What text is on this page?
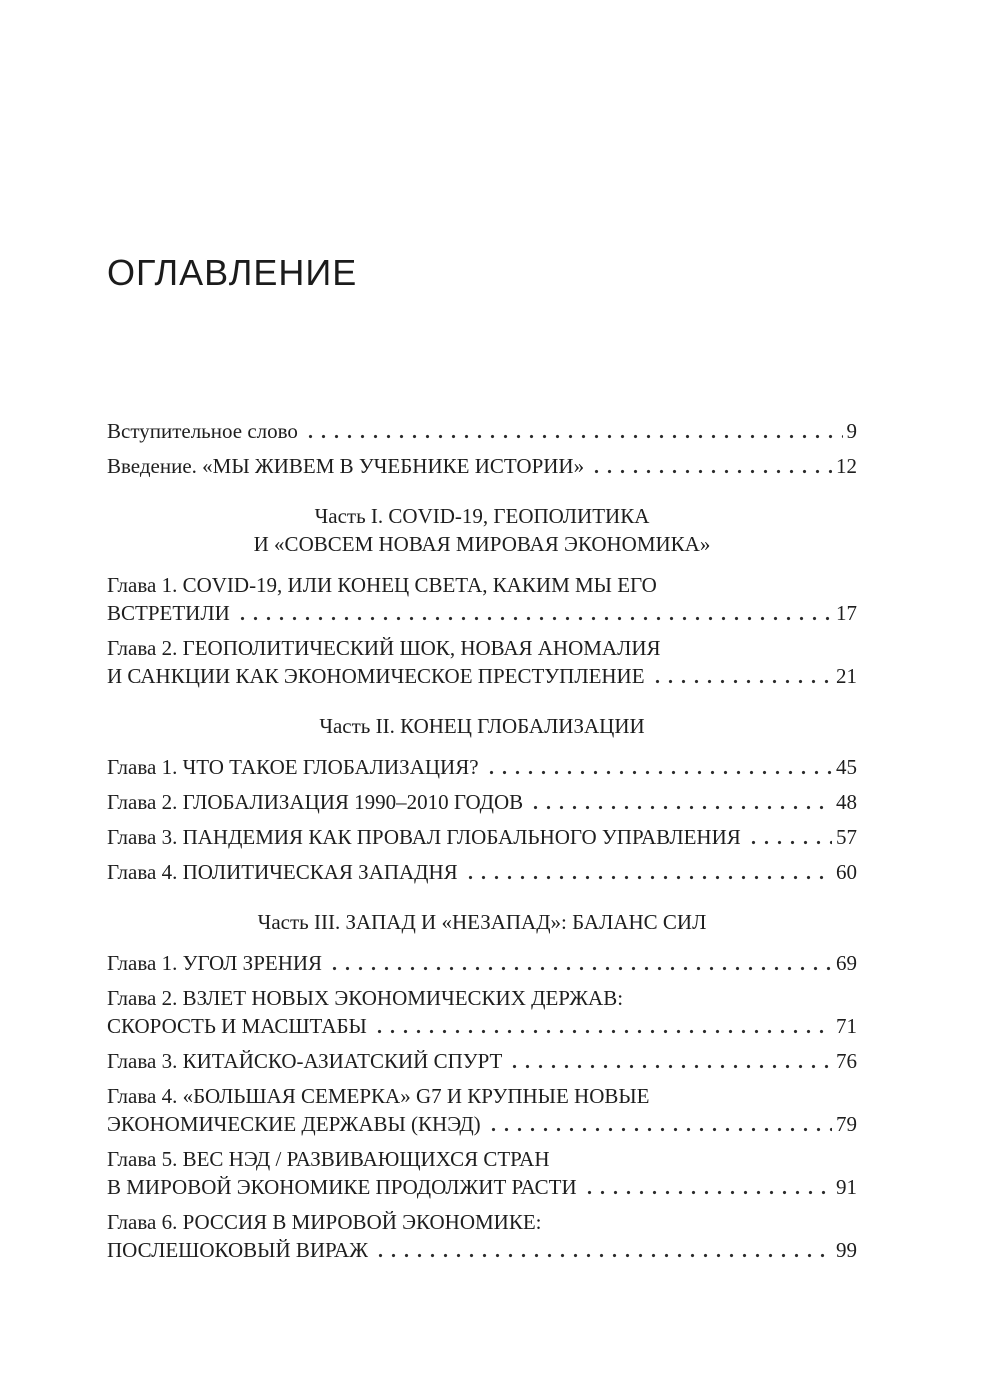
ОГЛАВЛЕНИЕ
Вступительное слово	9
Введение. «МЫ ЖИВЕМ В УЧЕБНИКЕ ИСТОРИИ»	12
Часть I. COVID-19, ГЕОПОЛИТИКА
И «СОВСЕМ НОВАЯ МИРОВАЯ ЭКОНОМИКА»
Глава 1. COVID-19, ИЛИ КОНЕЦ СВЕТА, КАКИМ МЫ ЕГО
ВСТРЕТИЛИ	17
Глава 2. ГЕОПОЛИТИЧЕСКИЙ ШОК, НОВАЯ АНОМАЛИЯ
И САНКЦИИ КАК ЭКОНОМИЧЕСКОЕ ПРЕСТУПЛЕНИЕ	21
Часть II. КОНЕЦ ГЛОБАЛИЗАЦИИ
Глава 1. ЧТО ТАКОЕ ГЛОБАЛИЗАЦИЯ?	45
Глава 2. ГЛОБАЛИЗАЦИЯ 1990–2010 ГОДОВ	48
Глава 3. ПАНДЕМИЯ КАК ПРОВАЛ ГЛОБАЛЬНОГО УПРАВЛЕНИЯ	57
Глава 4. ПОЛИТИЧЕСКАЯ ЗАПАДНЯ	60
Часть III. ЗАПАД И «НЕЗАПАД»: БАЛАНС СИЛ
Глава 1. УГОЛ ЗРЕНИЯ	69
Глава 2. ВЗЛЕТ НОВЫХ ЭКОНОМИЧЕСКИХ ДЕРЖАВ:
СКОРОСТЬ И МАСШТАБЫ	71
Глава 3. КИТАЙСКО-АЗИАТСКИЙ СПУРТ	76
Глава 4. «БОЛЬШАЯ СЕМЕРКА» G7 И КРУПНЫЕ НОВЫЕ
ЭКОНОМИЧЕСКИЕ ДЕРЖАВЫ (КНЭД)	79
Глава 5. ВЕС НЭД / РАЗВИВАЮЩИХСЯ СТРАН
В МИРОВОЙ ЭКОНОМИКЕ ПРОДОЛЖИТ РАСТИ	91
Глава 6. РОССИЯ В МИРОВОЙ ЭКОНОМИКЕ:
ПОСЛЕШОКОВЫЙ ВИРАЖ	99
